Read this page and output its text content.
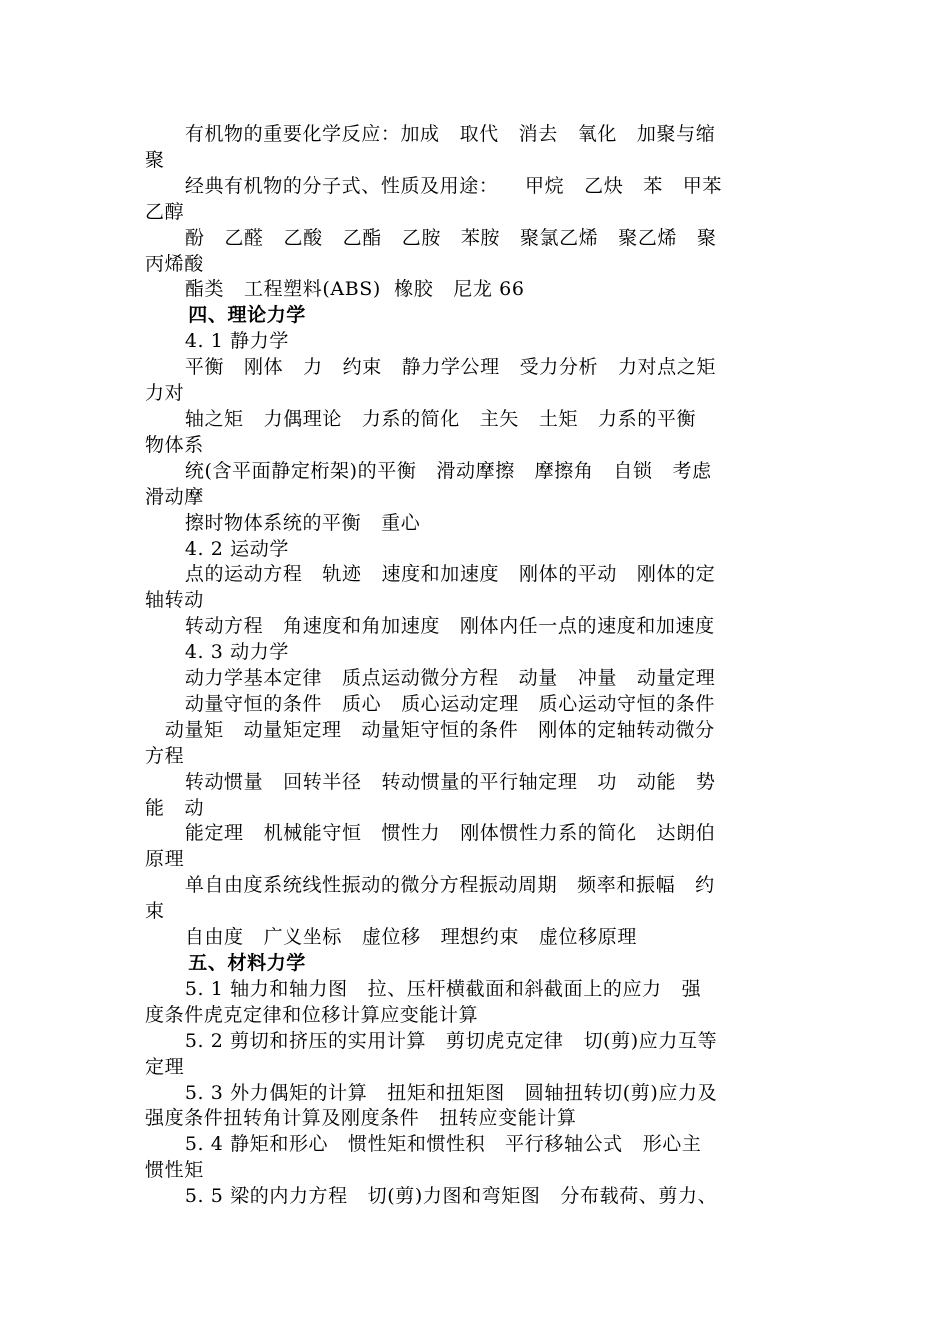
有机物的重要化学反应：加成   取代   消去   氧化   加聚与缩
聚
经典有机物的分子式、性质及用途：    甲烷   乙炔   苯   甲苯
乙醇
酚   乙醛   乙酸   乙酯   乙胺   苯胺   聚氯乙烯   聚乙烯   聚
丙烯酸
酯类   工程塑料(ABS)  橡胶   尼龙 66
四、理论力学
4. 1 静力学
平衡   刚体   力   约束   静力学公理   受力分析   力对点之矩
力对
轴之矩   力偶理论   力系的简化   主矢   土矩   力系的平衡
物体系
统(含平面静定桁架)的平衡   滑动摩擦   摩擦角   自锁   考虑
滑动摩
擦时物体系统的平衡   重心
4. 2 运动学
点的运动方程   轨迹   速度和加速度   刚体的平动   刚体的定
轴转动
转动方程   角速度和角加速度   刚体内任一点的速度和加速度
4. 3 动力学
动力学基本定律   质点运动微分方程   动量   冲量   动量定理
动量守恒的条件   质心   质心运动定理   质心运动守恒的条件
动量矩   动量矩定理   动量矩守恒的条件   刚体的定轴转动微分
方程
转动惯量   回转半径   转动惯量的平行轴定理   功   动能   势
能   动
能定理   机械能守恒   惯性力   刚体惯性力系的简化   达朗伯
原理
单自由度系统线性振动的微分方程振动周期   频率和振幅   约
束
自由度   广义坐标   虚位移   理想约束   虚位移原理
五、材料力学
5. 1 轴力和轴力图   拉、压杆横截面和斜截面上的应力   强
度条件虎克定律和位移计算应变能计算
5. 2 剪切和挤压的实用计算   剪切虎克定律   切(剪)应力互等
定理
5. 3 外力偶矩的计算   扭矩和扭矩图   圆轴扭转切(剪)应力及
强度条件扭转角计算及刚度条件   扭转应变能计算
5. 4 静矩和形心   惯性矩和惯性积   平行移轴公式   形心主
惯性矩
5. 5 梁的内力方程   切(剪)力图和弯矩图   分布载荷、剪力、
